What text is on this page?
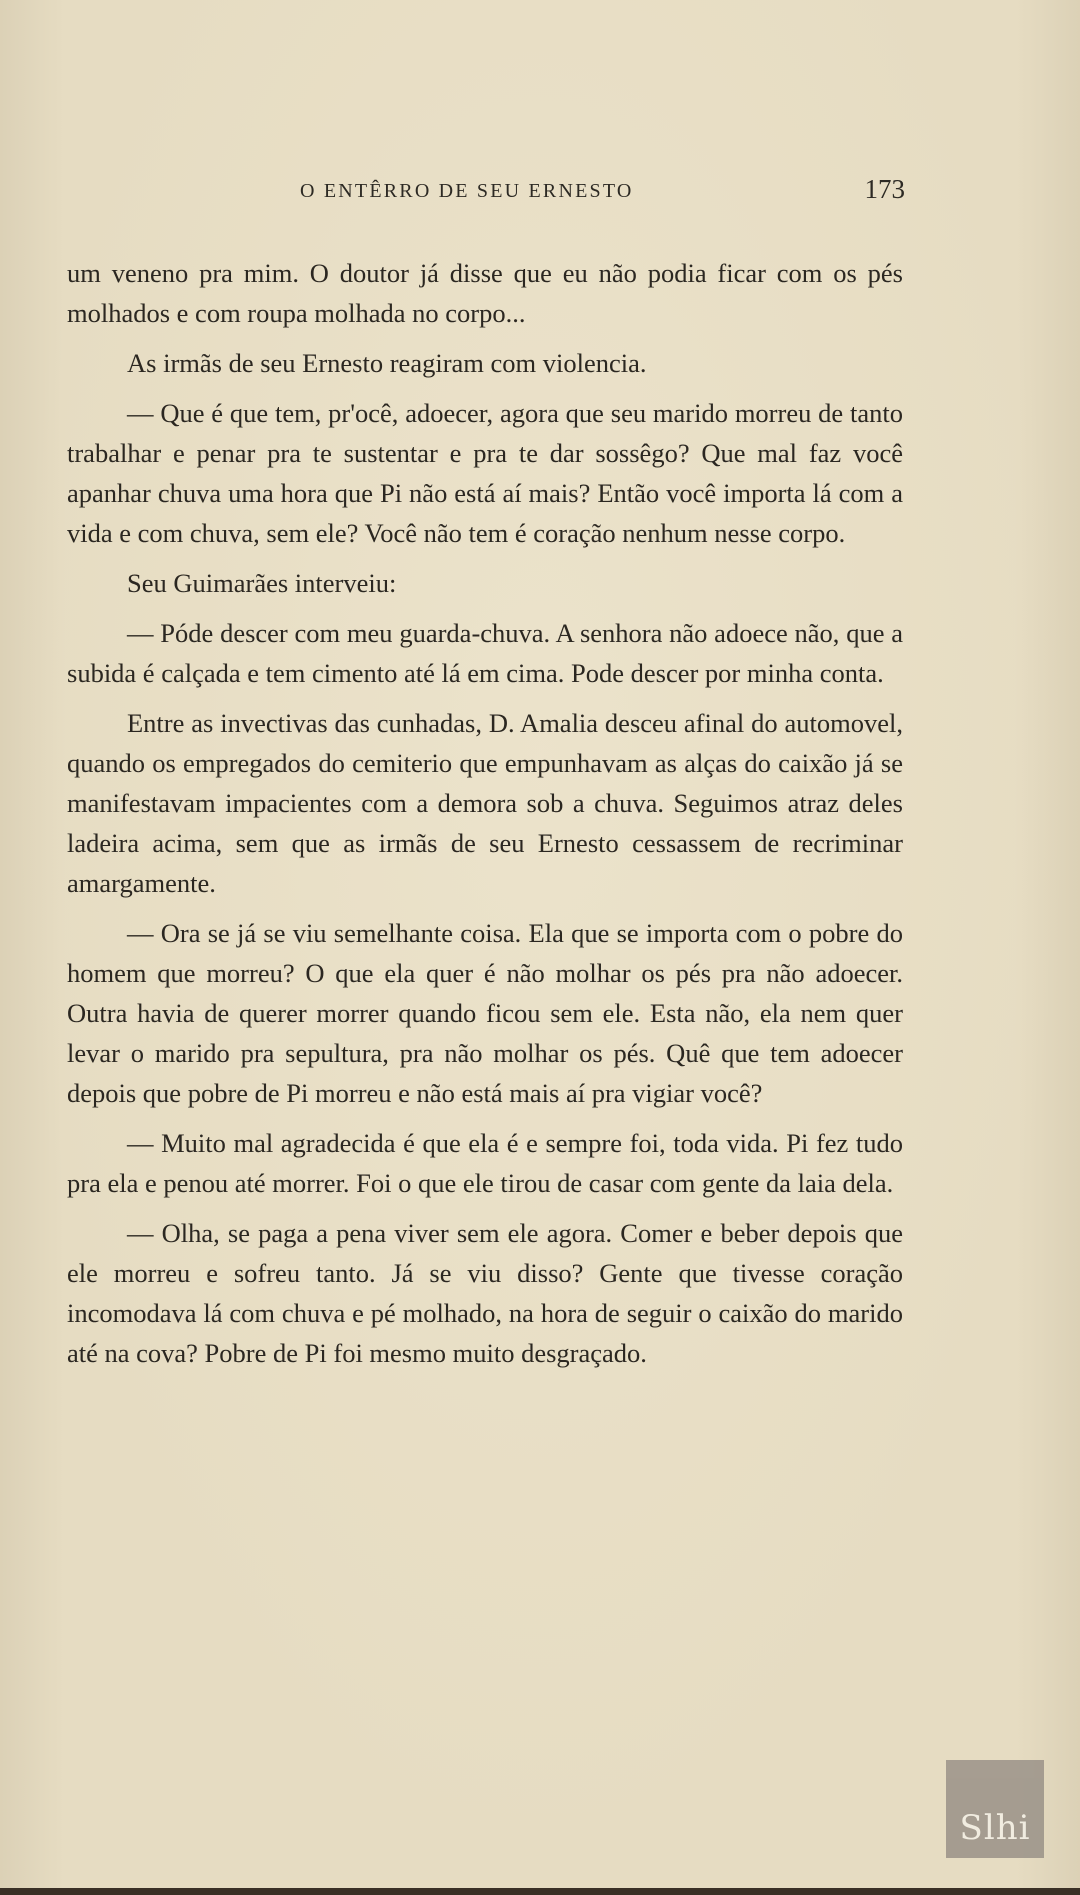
O ENTÊRRO DE SEU ERNESTO	173

um veneno pra mim. O doutor já disse que eu não podia ficar com os pés molhados e com roupa molhada no corpo...

As irmãs de seu Ernesto reagiram com violencia.

— Que é que tem, pr'ocê, adoecer, agora que seu marido morreu de tanto trabalhar e penar pra te sustentar e pra te dar sossêgo? Que mal faz você apanhar chuva uma hora que Pi não está aí mais? Então você importa lá com a vida e com chuva, sem ele? Você não tem é coração nenhum nesse corpo.

Seu Guimarães interveiu:

— Póde descer com meu guarda-chuva. A senhora não adoece não, que a subida é calçada e tem cimento até lá em cima. Pode descer por minha conta.

Entre as invectivas das cunhadas, D. Amalia desceu afinal do automovel, quando os empregados do cemiterio que empunhavam as alças do caixão já se manifestavam impacientes com a demora sob a chuva. Seguimos atraz deles ladeira acima, sem que as irmãs de seu Ernesto cessassem de recriminar amargamente.

— Ora se já se viu semelhante coisa. Ela que se importa com o pobre do homem que morreu? O que ela quer é não molhar os pés pra não adoecer. Outra havia de querer morrer quando ficou sem ele. Esta não, ela nem quer levar o marido pra sepultura, pra não molhar os pés. Quê que tem adoecer depois que pobre de Pi morreu e não está mais aí pra vigiar você?

— Muito mal agradecida é que ela é e sempre foi, toda vida. Pi fez tudo pra ela e penou até morrer. Foi o que ele tirou de casar com gente da laia dela.

— Olha, se paga a pena viver sem ele agora. Comer e beber depois que ele morreu e sofreu tanto. Já se viu disso? Gente que tivesse coração incomodava lá com chuva e pé molhado, na hora de seguir o caixão do marido até na cova? Pobre de Pi foi mesmo muito desgraçado.

Slhi
